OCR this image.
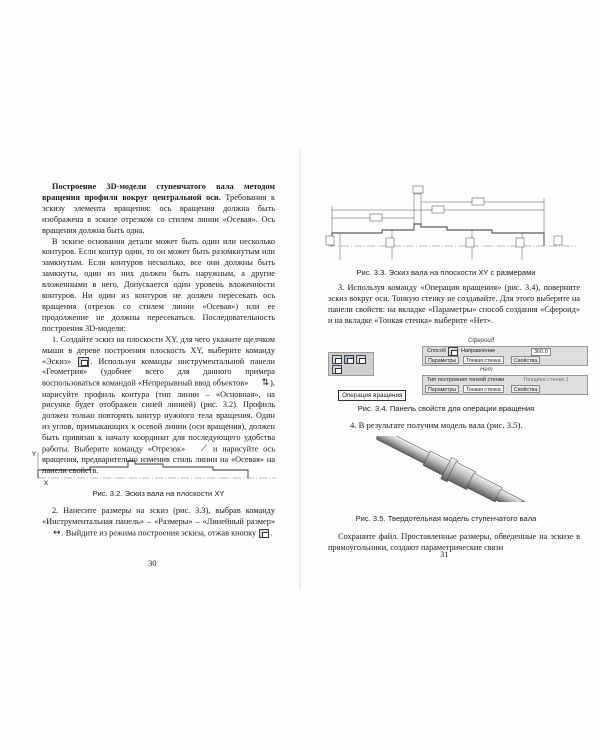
Построение 3D-модели ступенчатого вала методом вращения профиля вокруг центральной оси. Требования к эскизу элемента вращения: ось вращения должна быть изображена в эскизе отрезком со стилем линии «Осевая». Ось вращения должна быть одна.

В эскизе основания детали может быть один или несколько контуров. Если контур один, то он может быть разомкнутым или замкнутым. Если контуров несколько, все они должны быть замкнуты, один из них должен быть наружным, а другие вложенными в него. Допускается один уровень вложенности контуров. Ни один из контуров не должен пересекать ось вращения (отрезок со стилем линии «Осевая») или ее продолжение не должны пересекаться. Последовательность построения 3D-модели:

1. Создайте эскиз на плоскости XY, для чего укажите щелчком мыши в дереве построения плоскость XY, выберите команду «Эскиз» . Используя команды инструментальной панели «Геометрия» (удобнее всего для данного примера воспользоваться командой «Непрерывный ввод объектов» ⇅), нарисуйте профиль контура (тип линии – «Основная», на рисунке будет отображен синей линией) (рис. 3.2). Профиль должен только повторять контур нужного тела вращения. Один из углов, примыкающих к осевой линии (оси вращения), должен быть привязан к началу координат для последующего удобства работы. Выберите команду «Отрезок» ⟋ и нарисуйте ось вращения, предварительно изменив стиль линии на «Осевая» на панели свойств.

Y
X
Рис. 3.2. Эскиз вала на плоскости XY

2. Нанесите размеры на эскиз (рис. 3.3), выбрав команду «Инструментальная панель» – «Размеры» – «Линейный размер» ↔. Выйдите из режима построения эскиза, отжав кнопку .

30
Рис. 3.3. Эскиз вала на плоскости XY с размерами

3. Используя команду «Операция вращения» (рис. 3.4), поверните эскиз вокруг оси. Тонкую стенку не создавайте. Для этого выберите на панели свойств: на вкладке «Параметры» способ создания «Сфероид» и на вкладке «Тонкая стенка» выберите «Нет».

Сфероид
Способ	Направление	360.0
Параметры	Тонкая стенка	Свойства
Нет
Тип построения тонкой стенки	Толщина стенки 1
Параметры	Тонкая стенка	Свойства
Операция вращения
Рис. 3.4. Панель свойств для операции вращения

4. В результате получим модель вала (рис. 3.5).

Рис. 3.5. Твердотельная модель ступенчатого вала

Сохраните файл. Проставленные размеры, обведенные на эскизе в прямоугольники, создают параметрические связи

31
